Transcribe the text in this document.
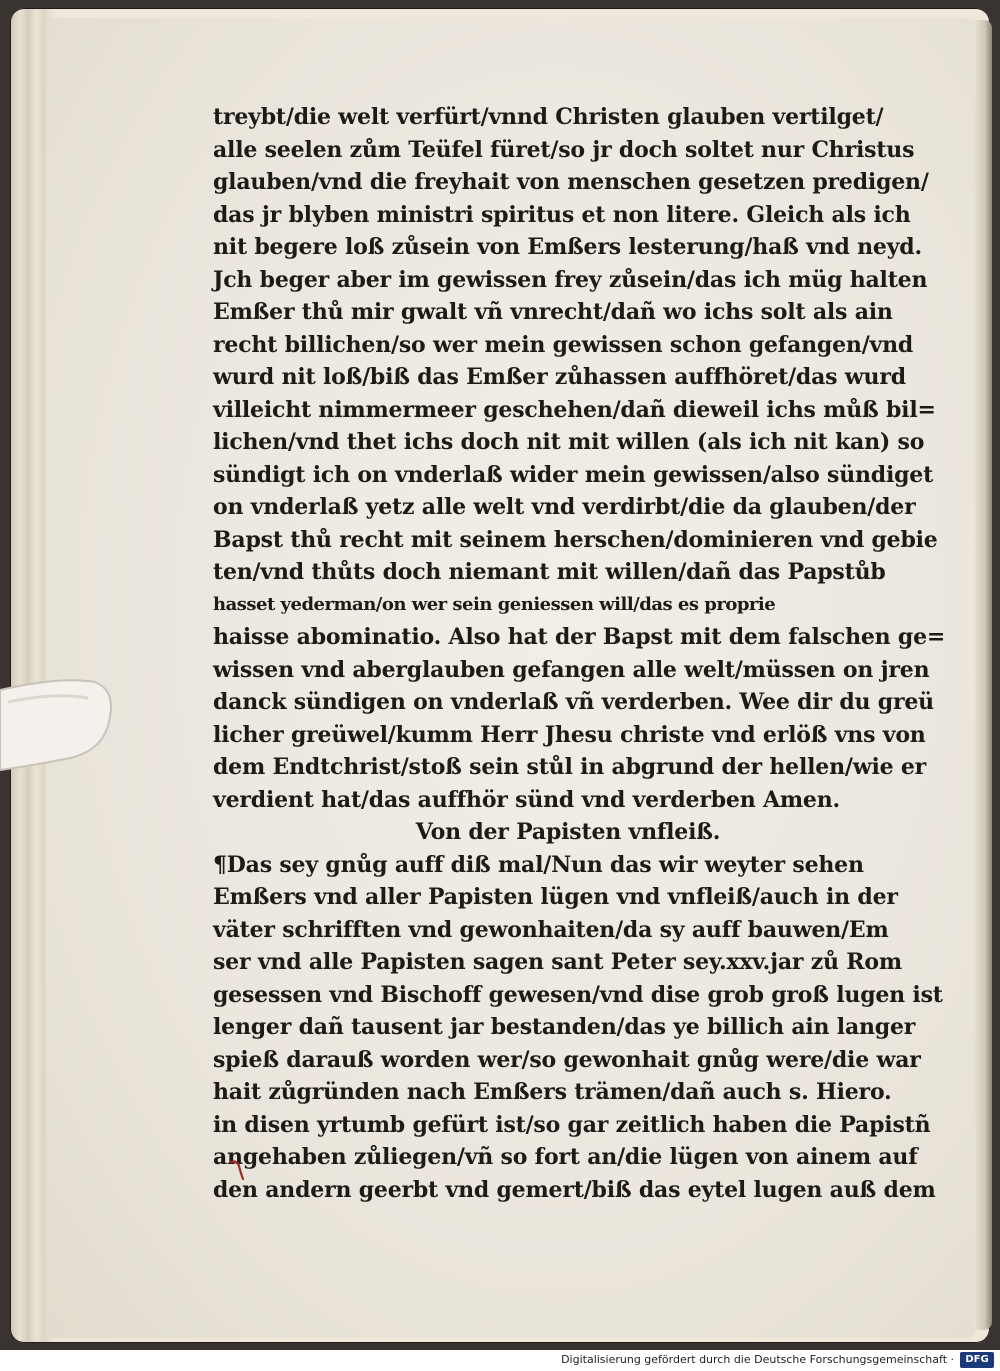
treybt/die welt verfürt/vnnd Christen glauben vertilget/
alle seelen zům Teüfel füret/so jr doch soltet nur Christus
glauben/vnd die freyhait von menschen gesetzen predigen/
das jr blyben ministri spiritus et non litere. Gleich als ich
nit begere loß zůsein von Emßers lesterung/haß vnd neyd.
Jch beger aber im gewissen frey zůsein/das ich müg halten
Emßer thů mir gwalt vñ vnrecht/dañ wo ichs solt als ain
recht billichen/so wer mein gewissen schon gefangen/vnd
wurd nit loß/biß das Emßer zůhassen auffhöret/das wurd
villeicht nimmermeer geschehen/dañ dieweil ichs můß bil=
lichen/vnd thet ichs doch nit mit willen (als ich nit kan) so
sündigt ich on vnderlaß wider mein gewissen/also sündiget
on vnderlaß yetz alle welt vnd verdirbt/die da glauben/der
Bapst thů recht mit seinem herschen/dominieren vnd gebie
ten/vnd thůts doch niemant mit willen/dañ das Papstůb
hasset yederman/on wer sein geniessen will/das es proprie
haisse abominatio. Also hat der Bapst mit dem falschen ge=
wissen vnd aberglauben gefangen alle welt/müssen on jren
danck sündigen on vnderlaß vñ verderben. Wee dir du greü
licher greüwel/kumm Herr Jhesu christe vnd erlöß vns von
dem Endtchrist/stoß sein stůl in abgrund der hellen/wie er
verdient hat/das auffhör sünd vnd verderben Amen.
Von der Papisten vnfleiß.
¶Das sey gnůg auff diß mal/Nun das wir weyter sehen
Emßers vnd aller Papisten lügen vnd vnfleiß/auch in der
väter schrifften vnd gewonhaiten/da sy auff bauwen/Em
ser vnd alle Papisten sagen sant Peter sey.xxv.jar zů Rom
gesessen vnd Bischoff gewesen/vnd dise grob groß lugen ist
lenger dañ tausent jar bestanden/das ye billich ain langer
spieß darauß worden wer/so gewonhait gnůg were/die war
hait zůgründen nach Emßers trämen/dañ auch s. Hiero.
in disen yrtumb gefürt ist/so gar zeitlich haben die Papistñ
angehaben zůliegen/vñ so fort an/die lügen von ainem auf
den andern geerbt vnd gemert/biß das eytel lugen auß dem
Digitalisierung gefördert durch die Deutsche Forschungsgemeinschaft ·	DFG
